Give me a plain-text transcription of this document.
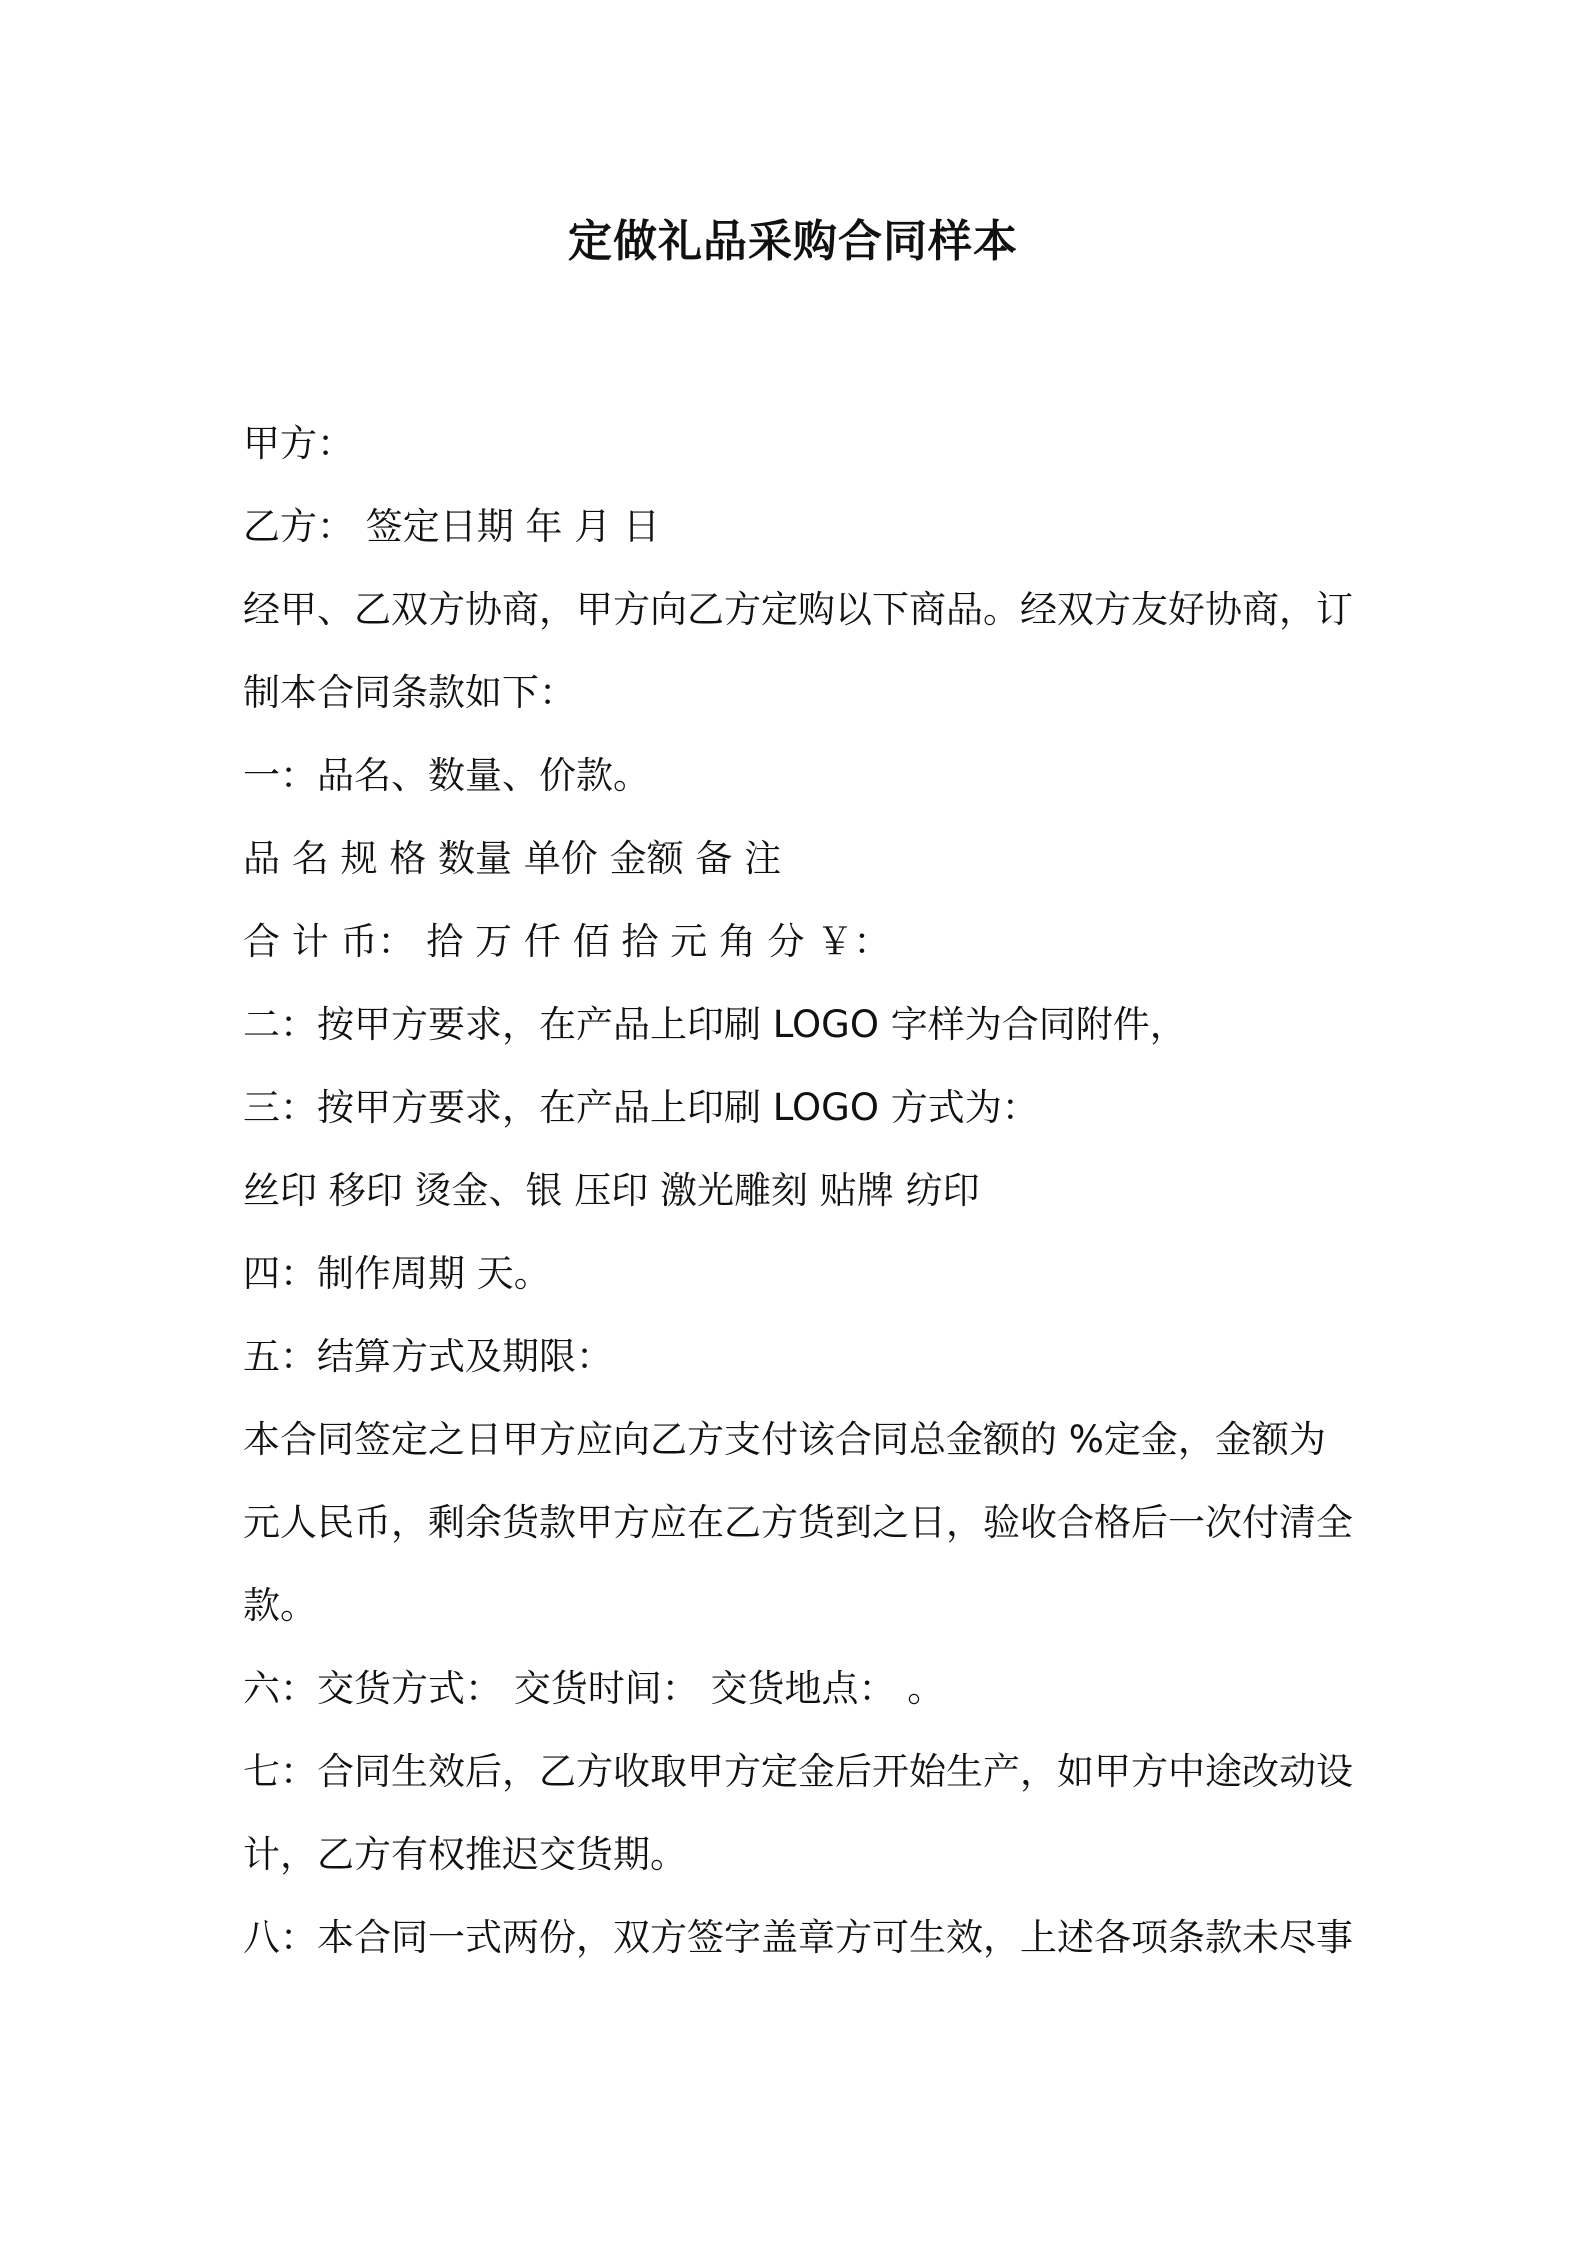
定做礼品采购合同样本
甲方：
乙方： 签定日期 年 月 日
经甲、乙双方协商，甲方向乙方定购以下商品。经双方友好协商，订
制本合同条款如下：
一：品名、数量、价款。
品 名 规 格 数量 单价 金额 备 注
合 计 币： 拾 万 仟 佰 拾 元 角 分 ￥：
二：按甲方要求，在产品上印刷 LOGO 字样为合同附件，
三：按甲方要求，在产品上印刷 LOGO 方式为：
丝印 移印 烫金、银 压印 激光雕刻 贴牌 纺印
四：制作周期 天。
五：结算方式及期限：
本合同签定之日甲方应向乙方支付该合同总金额的 %定金，金额为
元人民币，剩余货款甲方应在乙方货到之日，验收合格后一次付清全
款。
六：交货方式： 交货时间： 交货地点： 。
七：合同生效后，乙方收取甲方定金后开始生产，如甲方中途改动设
计，乙方有权推迟交货期。
八：本合同一式两份，双方签字盖章方可生效，上述各项条款未尽事
